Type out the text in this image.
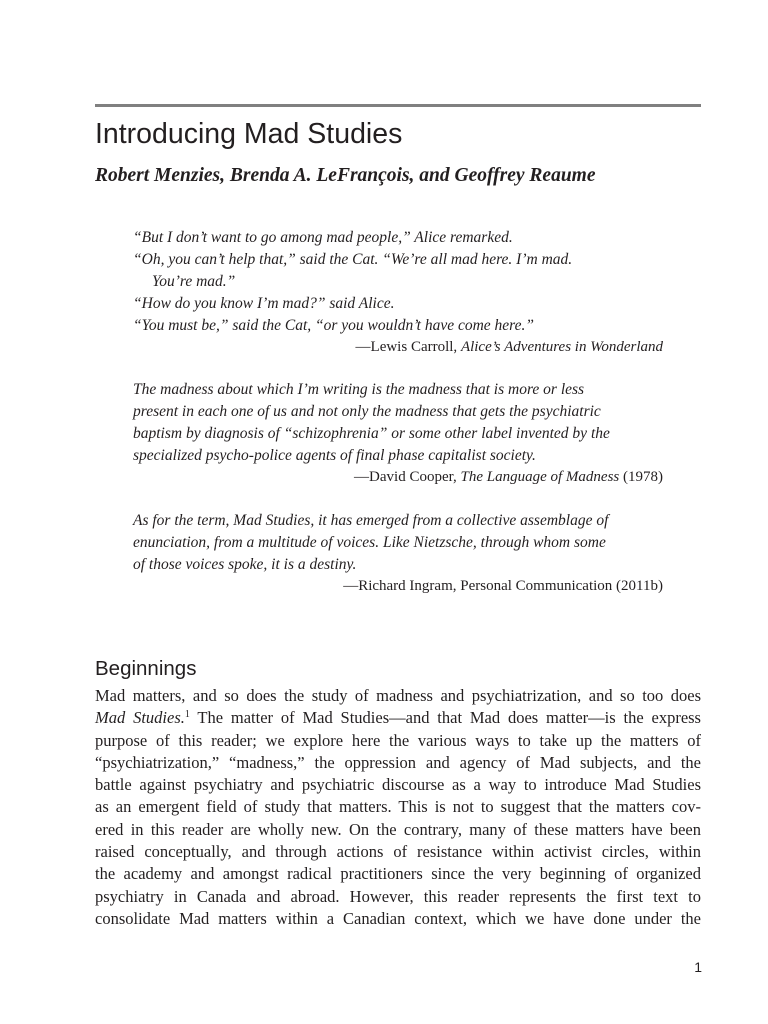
Introducing Mad Studies
Robert Menzies, Brenda A. LeFrançois, and Geoffrey Reaume
“But I don’t want to go among mad people,” Alice remarked.
“Oh, you can’t help that,” said the Cat. “We’re all mad here. I’m mad.
You’re mad.”
“How do you know I’m mad?” said Alice.
“You must be,” said the Cat, “or you wouldn’t have come here.”
—Lewis Carroll, Alice’s Adventures in Wonderland
The madness about which I’m writing is the madness that is more or less
present in each one of us and not only the madness that gets the psychiatric
baptism by diagnosis of “schizophrenia” or some other label invented by the
specialized psycho-police agents of final phase capitalist society.
—David Cooper, The Language of Madness (1978)
As for the term, Mad Studies, it has emerged from a collective assemblage of
enunciation, from a multitude of voices. Like Nietzsche, through whom some
of those voices spoke, it is a destiny.
—Richard Ingram, Personal Communication (2011b)
Beginnings
Mad matters, and so does the study of madness and psychiatrization, and so too does
Mad Studies.$^1$ The matter of Mad Studies—and that Mad does matter—is the express
purpose of this reader; we explore here the various ways to take up the matters of
“psychiatrization,” “madness,” the oppression and agency of Mad subjects, and the
battle against psychiatry and psychiatric discourse as a way to introduce Mad Studies
as an emergent field of study that matters. This is not to suggest that the matters cov-
ered in this reader are wholly new. On the contrary, many of these matters have been
raised conceptually, and through actions of resistance within activist circles, within
the academy and amongst radical practitioners since the very beginning of organized
psychiatry in Canada and abroad. However, this reader represents the first text to
consolidate Mad matters within a Canadian context, which we have done under the
1
